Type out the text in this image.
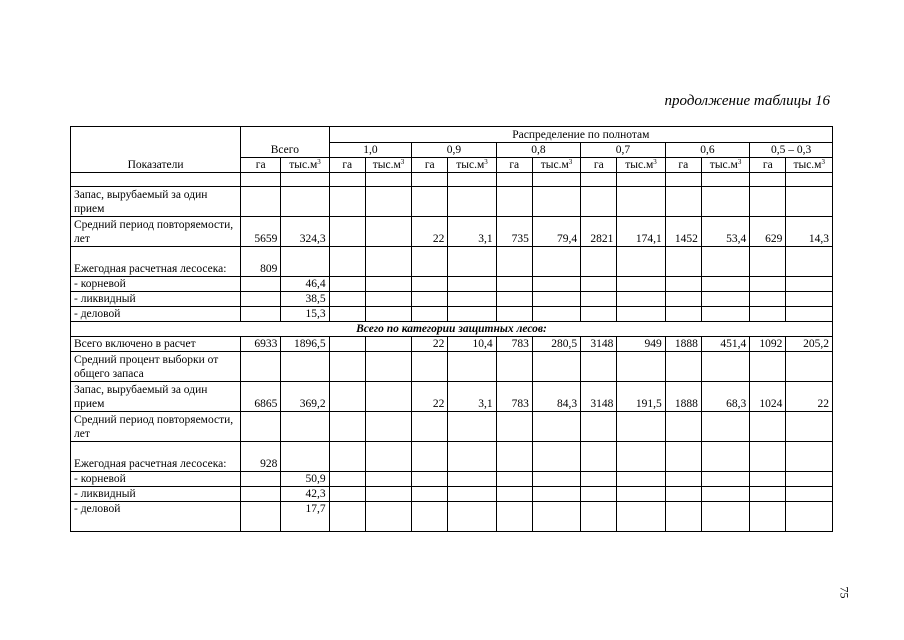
продолжение таблицы 16
Показатели	Всего		Распределение по полнотам											
			1,0		0,9		0,8		0,7		0,6		0,5 – 0,3	
	га	$тыс.м^3$	га	$тыс.м^3$	га	$тыс.м^3$	га	$тыс.м^3$	га	$тыс.м^3$	га	$тыс.м^3$	га	$тыс.м^3$

Запас, вырубаемый за один прием														
Средний период повторяемости, лет	5659	324,3			22	3,1	735	79,4	2821	174,1	1452	53,4	629	14,3
Ежегодная расчетная лесосека:	809													
- корневой		46,4												
- ликвидный		38,5												
- деловой		15,3												
Всего по категории защитных лесов:														
Всего включено в расчет	6933	1896,5			22	10,4	783	280,5	3148	949	1888	451,4	1092	205,2
Средний процент выборки от общего запаса														
Запас, вырубаемый за один прием	6865	369,2			22	3,1	783	84,3	3148	191,5	1888	68,3	1024	22
Средний период повторяемости, лет														
Ежегодная расчетная лесосека:	928													
- корневой		50,9												
- ликвидный		42,3												
- деловой		17,7												
75
